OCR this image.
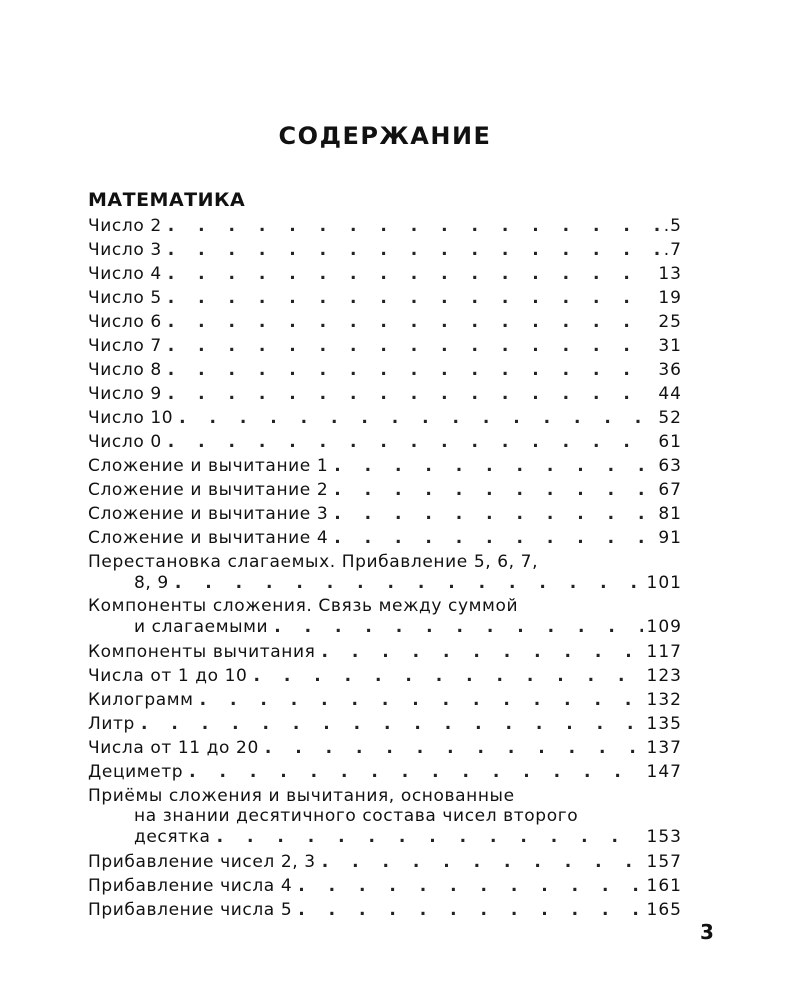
СОДЕРЖАНИЕ
МАТЕМАТИКА
Число 2 . . .	.5
Число 3 . . .	.7
Число 4 . . .	13
Число 5 . . .	19
Число 6 . . .	25
Число 7 . . .	31
Число 8 . . .	36
Число 9 . . .	44
Число 10 . . .	52
Число 0 . . .	61
Сложение и вычитание 1 . . .	63
Сложение и вычитание 2 . . .	67
Сложение и вычитание 3 . . .	81
Сложение и вычитание 4 . . .	91
Перестановка слагаемых. Прибавление 5, 6, 7,
8, 9 . . .	101
Компоненты сложения. Связь между суммой
и слагаемыми . . .	109
Компоненты вычитания . . .	117
Числа от 1 до 10 . . .	123
Килограмм . . .	132
Литр . . .	135
Числа от 11 до 20 . . .	137
Дециметр . . .	147
Приёмы сложения и вычитания, основанные
на знании десятичного состава чисел второго
десятка . . .	153
Прибавление чисел 2, 3 . . .	157
Прибавление числа 4 . . .	161
Прибавление числа 5 . . .	165
3
